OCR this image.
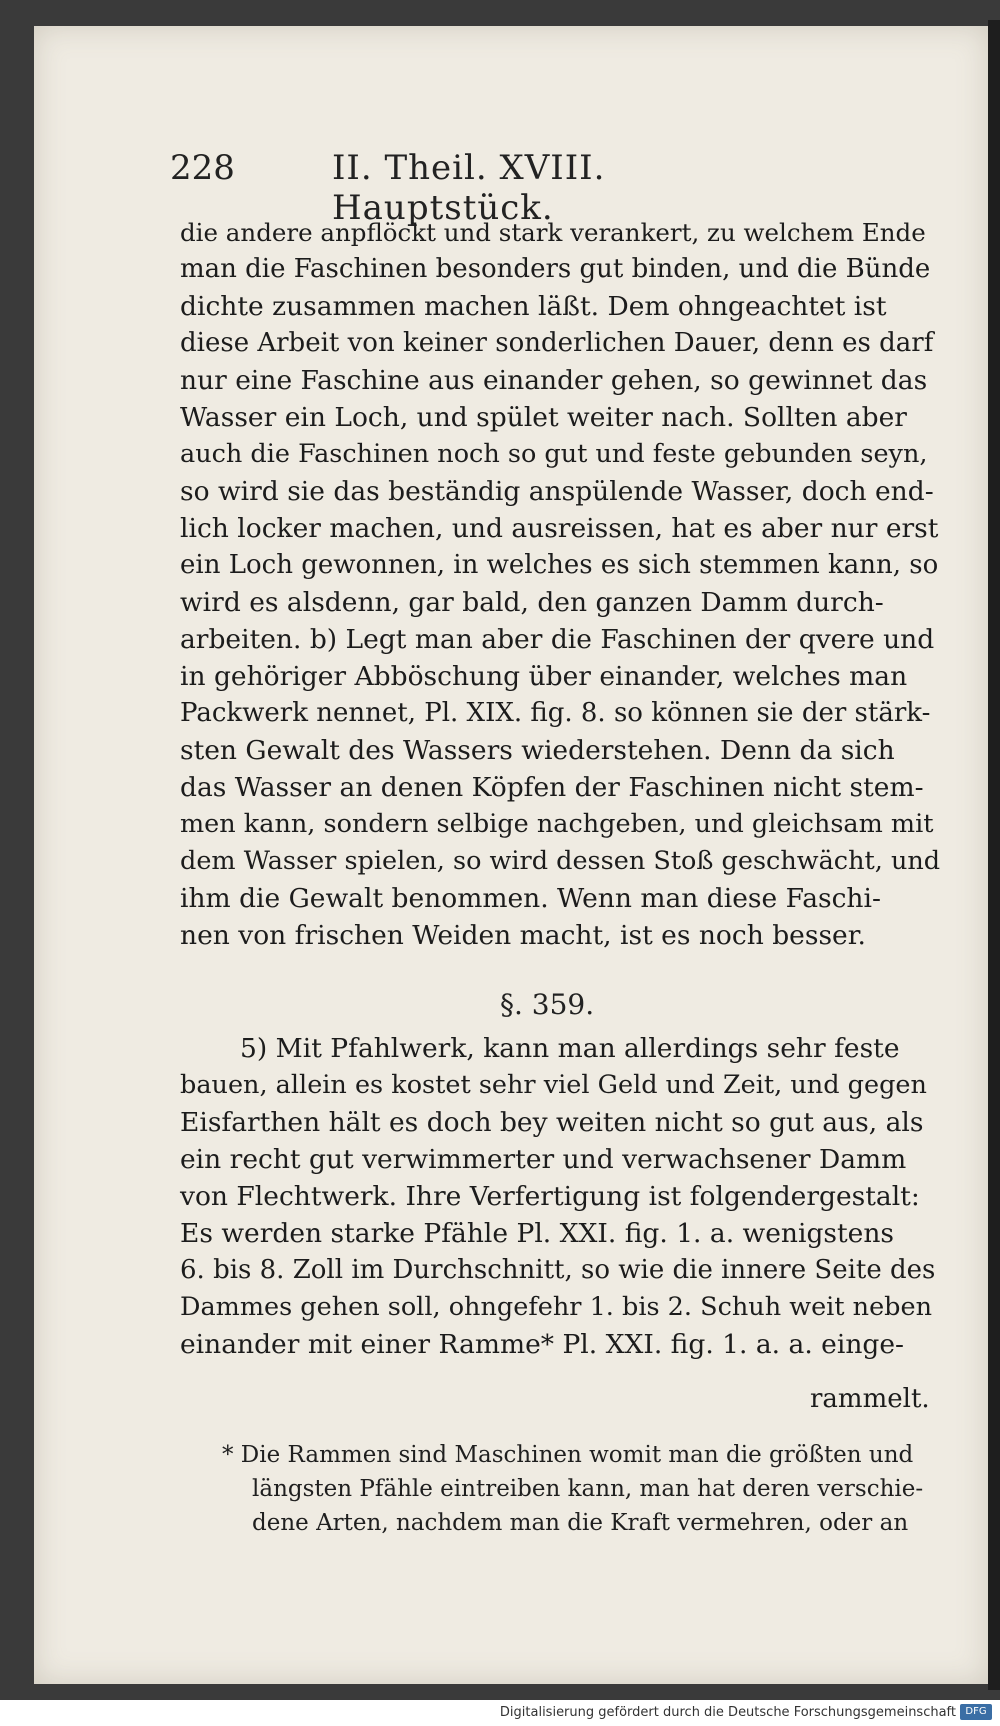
228	II. Theil. XVIII. Hauptstück.
die andere anpflöckt und stark verankert, zu welchem Ende
man die Faschinen besonders gut binden, und die Bünde
dichte zusammen machen läßt. Dem ohngeachtet ist
diese Arbeit von keiner sonderlichen Dauer, denn es darf
nur eine Faschine aus einander gehen, so gewinnet das
Wasser ein Loch, und spület weiter nach. Sollten aber
auch die Faschinen noch so gut und feste gebunden seyn,
so wird sie das beständig anspülende Wasser, doch end-
lich locker machen, und ausreissen, hat es aber nur erst
ein Loch gewonnen, in welches es sich stemmen kann, so
wird es alsdenn, gar bald, den ganzen Damm durch-
arbeiten. b) Legt man aber die Faschinen der qvere und
in gehöriger Abböschung über einander, welches man
Packwerk nennet, Pl. XIX. fig. 8. so können sie der stärk-
sten Gewalt des Wassers wiederstehen. Denn da sich
das Wasser an denen Köpfen der Faschinen nicht stem-
men kann, sondern selbige nachgeben, und gleichsam mit
dem Wasser spielen, so wird dessen Stoß geschwächt, und
ihm die Gewalt benommen. Wenn man diese Faschi-
nen von frischen Weiden macht, ist es noch besser.
§. 359.
5) Mit Pfahlwerk, kann man allerdings sehr feste
bauen, allein es kostet sehr viel Geld und Zeit, und gegen
Eisfarthen hält es doch bey weiten nicht so gut aus, als
ein recht gut verwimmerter und verwachsener Damm
von Flechtwerk. Ihre Verfertigung ist folgendergestalt:
Es werden starke Pfähle Pl. XXI. fig. 1. a. wenigstens
6. bis 8. Zoll im Durchschnitt, so wie die innere Seite des
Dammes gehen soll, ohngefehr 1. bis 2. Schuh weit neben
einander mit einer Ramme* Pl. XXI. fig. 1. a. a. einge-
rammelt.
* Die Rammen sind Maschinen womit man die größten und
längsten Pfähle eintreiben kann, man hat deren verschie-
dene Arten, nachdem man die Kraft vermehren, oder an
Digitalisierung gefördert durch die Deutsche Forschungsgemeinschaft DFG
